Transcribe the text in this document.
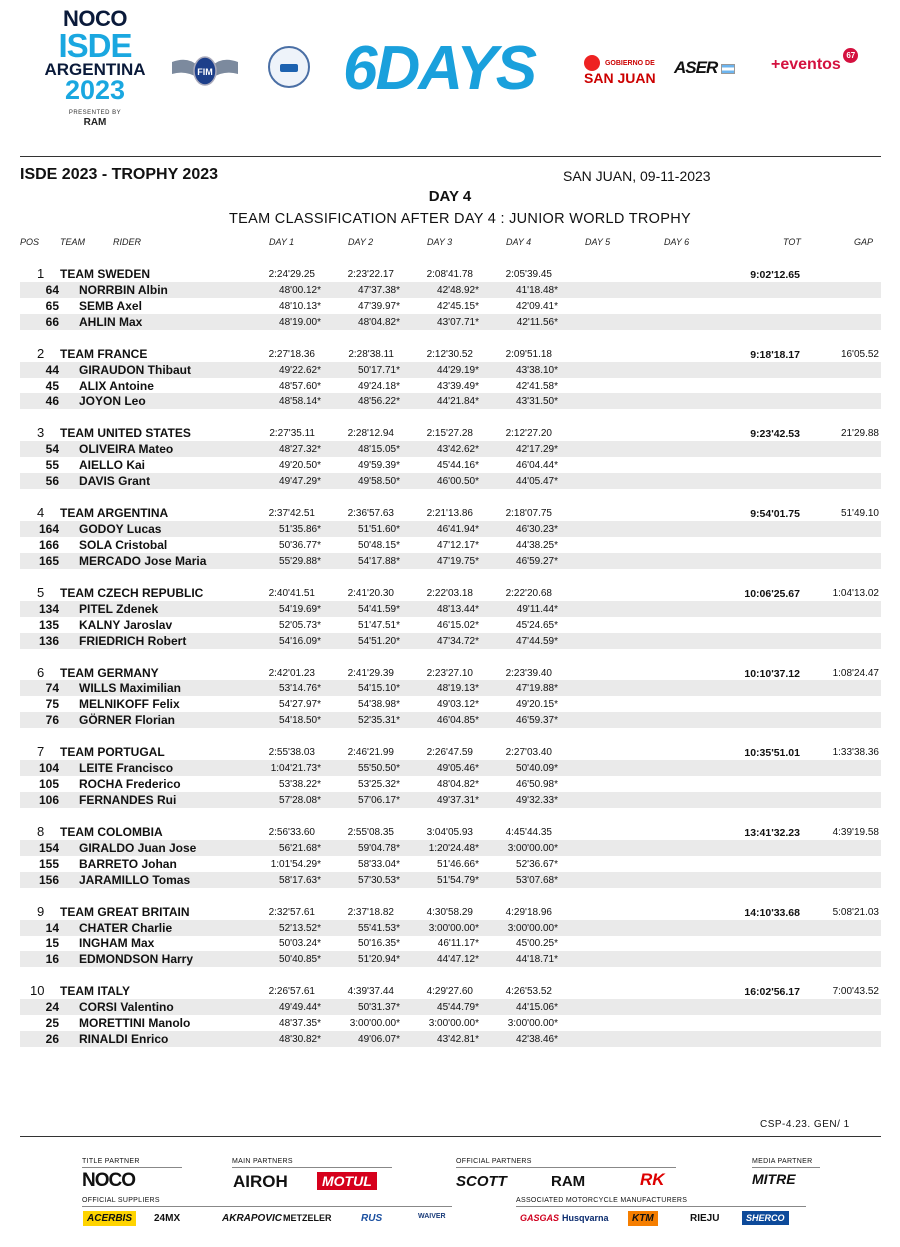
NOCO
ISDE
ARGENTINA
2023
PRESENTED BY
RAM
FIM 6DAYS	GOBIERNO DE
SAN JUAN
ASER	+eventos 67
ISDE 2023 - TROPHY 2023	SAN JUAN, 09-11-2023
DAY 4
TEAM CLASSIFICATION AFTER DAY 4 : JUNIOR WORLD TROPHY
POS TEAM	RIDER	DAY 1	DAY 2	DAY 3	DAY 4	DAY 5	DAY 6	TOT	GAP
1 TEAM SWEDEN	2:24'29.25	2:23'22.17	2:08'41.78	2:05'39.45	9:02'12.65
64 NORRBIN Albin	48'00.12*	47'37.38*	42'48.92*	41'18.48*
65 SEMB Axel	48'10.13*	47'39.97*	42'45.15*	42'09.41*
66 AHLIN Max	48'19.00*	48'04.82*	43'07.71*	42'11.56*
2 TEAM FRANCE	2:27'18.36	2:28'38.11	2:12'30.52	2:09'51.18	9:18'18.17	16'05.52
44 GIRAUDON Thibaut	49'22.62*	50'17.71*	44'29.19*	43'38.10*
45 ALIX Antoine	48'57.60*	49'24.18*	43'39.49*	42'41.58*
46 JOYON Leo	48'58.14*	48'56.22*	44'21.84*	43'31.50*
3 TEAM UNITED STATES	2:27'35.11	2:28'12.94	2:15'27.28	2:12'27.20	9:23'42.53	21'29.88
54 OLIVEIRA Mateo	48'27.32*	48'15.05*	43'42.62*	42'17.29*
55 AIELLO Kai	49'20.50*	49'59.39*	45'44.16*	46'04.44*
56 DAVIS Grant	49'47.29*	49'58.50*	46'00.50*	44'05.47*
4 TEAM ARGENTINA	2:37'42.51	2:36'57.63	2:21'13.86	2:18'07.75	9:54'01.75	51'49.10
164 GODOY Lucas	51'35.86*	51'51.60*	46'41.94*	46'30.23*
166 SOLA Cristobal	50'36.77*	50'48.15*	47'12.17*	44'38.25*
165 MERCADO Jose Maria	55'29.88*	54'17.88*	47'19.75*	46'59.27*
5 TEAM CZECH REPUBLIC	2:40'41.51	2:41'20.30	2:22'03.18	2:22'20.68	10:06'25.67	1:04'13.02
134 PITEL Zdenek	54'19.69*	54'41.59*	48'13.44*	49'11.44*
135 KALNY Jaroslav	52'05.73*	51'47.51*	46'15.02*	45'24.65*
136 FRIEDRICH Robert	54'16.09*	54'51.20*	47'34.72*	47'44.59*
6 TEAM GERMANY	2:42'01.23	2:41'29.39	2:23'27.10	2:23'39.40	10:10'37.12	1:08'24.47
74 WILLS Maximilian	53'14.76*	54'15.10*	48'19.13*	47'19.88*
75 MELNIKOFF Felix	54'27.97*	54'38.98*	49'03.12*	49'20.15*
76 GÖRNER Florian	54'18.50*	52'35.31*	46'04.85*	46'59.37*
7 TEAM PORTUGAL	2:55'38.03	2:46'21.99	2:26'47.59	2:27'03.40	10:35'51.01	1:33'38.36
104 LEITE Francisco	1:04'21.73*	55'50.50*	49'05.46*	50'40.09*
105 ROCHA Frederico	53'38.22*	53'25.32*	48'04.82*	46'50.98*
106 FERNANDES Rui	57'28.08*	57'06.17*	49'37.31*	49'32.33*
8 TEAM COLOMBIA	2:56'33.60	2:55'08.35	3:04'05.93	4:45'44.35	13:41'32.23	4:39'19.58
154 GIRALDO Juan Jose	56'21.68*	59'04.78*	1:20'24.48*	3:00'00.00*
155 BARRETO Johan	1:01'54.29*	58'33.04*	51'46.66*	52'36.67*
156 JARAMILLO Tomas	58'17.63*	57'30.53*	51'54.79*	53'07.68*
9 TEAM GREAT BRITAIN	2:32'57.61	2:37'18.82	4:30'58.29	4:29'18.96	14:10'33.68	5:08'21.03
14 CHATER Charlie	52'13.52*	55'41.53*	3:00'00.00*	3:00'00.00*
15 INGHAM Max	50'03.24*	50'16.35*	46'11.17*	45'00.25*
16 EDMONDSON Harry	50'40.85*	51'20.94*	44'47.12*	44'18.71*
10 TEAM ITALY	2:26'57.61	4:39'37.44	4:29'27.60	4:26'53.52	16:02'56.17	7:00'43.52
24 CORSI Valentino	49'49.44*	50'31.37*	45'44.79*	44'15.06*
25 MORETTINI Manolo	48'37.35*	3:00'00.00*	3:00'00.00*	3:00'00.00*
26 RINALDI Enrico	48'30.82*	49'06.07*	43'42.81*	42'38.46*
CSP-4.23. GEN/ 1
TITLE PARTNER	MAIN PARTNERS	OFFICIAL PARTNERS	MEDIA PARTNER
OFFICIAL SUPPLIERS	ASSOCIATED MOTORCYCLE MANUFACTURERS
NOCO	AIROH	MOTUL	SCOTT	RAM	RK	MITRE
ACERBIS	24MX	AKRAPOVIC METZELER	RUS	WAIVER	GASGAS Husqvarna	KTM	RIEJU	SHERCO
